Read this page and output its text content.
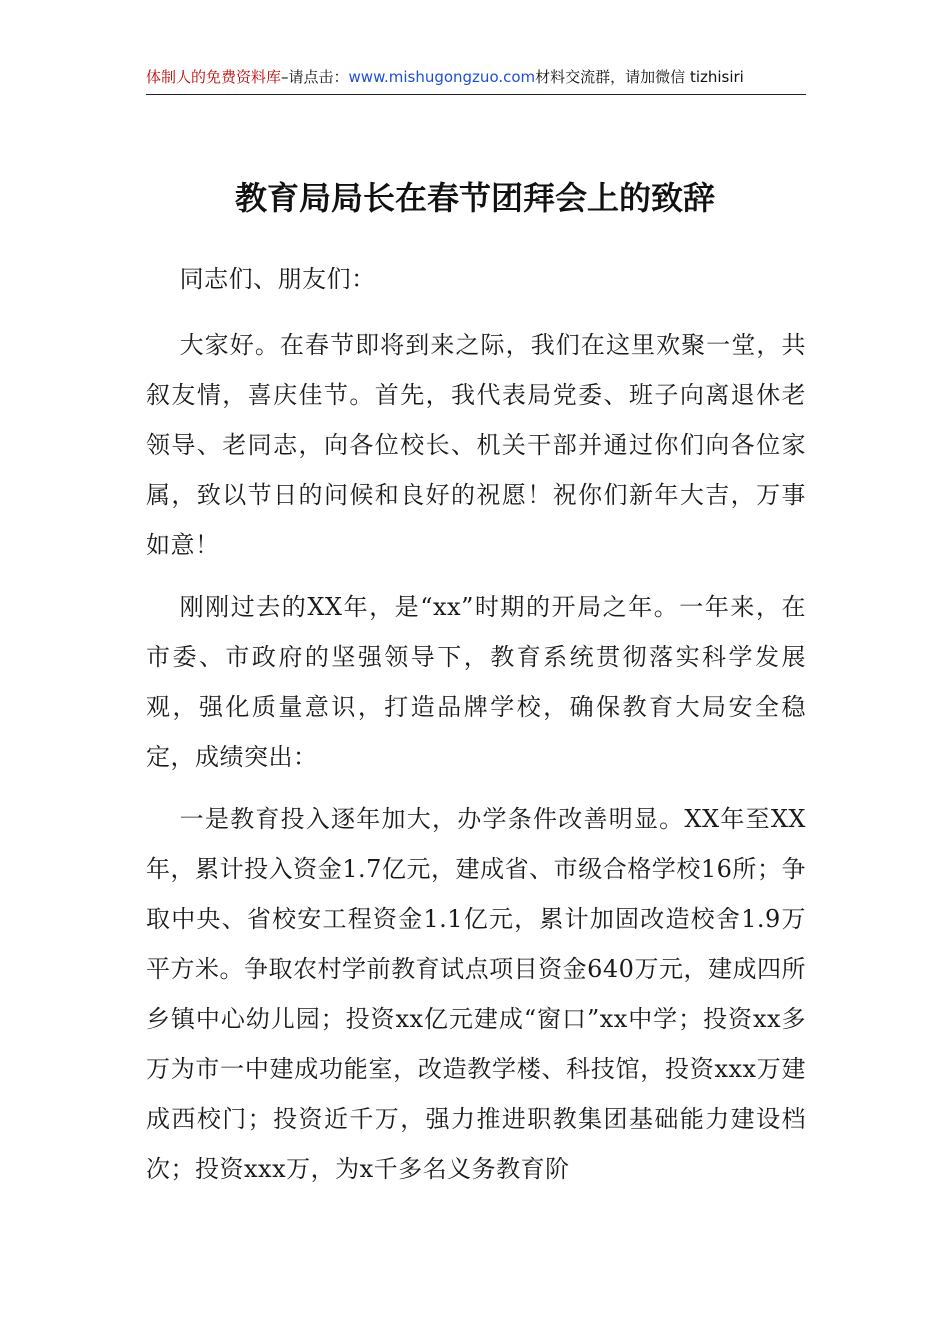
体制人的免费资料库–请点击：www.mishugongzuo.com材料交流群，请加微信 tizhisiri
教育局局长在春节团拜会上的致辞

同志们、朋友们：

大家好。在春节即将到来之际，我们在这里欢聚一堂，共叙友情，喜庆佳节。首先，我代表局党委、班子向离退休老领导、老同志，向各位校长、机关干部并通过你们向各位家属，致以节日的问候和良好的祝愿！祝你们新年大吉，万事如意！

刚刚过去的XX年，是“xx”时期的开局之年。一年来，在市委、市政府的坚强领导下，教育系统贯彻落实科学发展观，强化质量意识，打造品牌学校，确保教育大局安全稳定，成绩突出：

一是教育投入逐年加大，办学条件改善明显。XX年至XX年，累计投入资金1.7亿元，建成省、市级合格学校16所；争取中央、省校安工程资金1.1亿元，累计加固改造校舍1.9万平方米。争取农村学前教育试点项目资金640万元，建成四所乡镇中心幼儿园；投资xx亿元建成“窗口”xx中学；投资xx多万为市一中建成功能室，改造教学楼、科技馆，投资xxx万建成西校门；投资近千万，强力推进职教集团基础能力建设档次；投资xxx万，为x千多名义务教育阶
